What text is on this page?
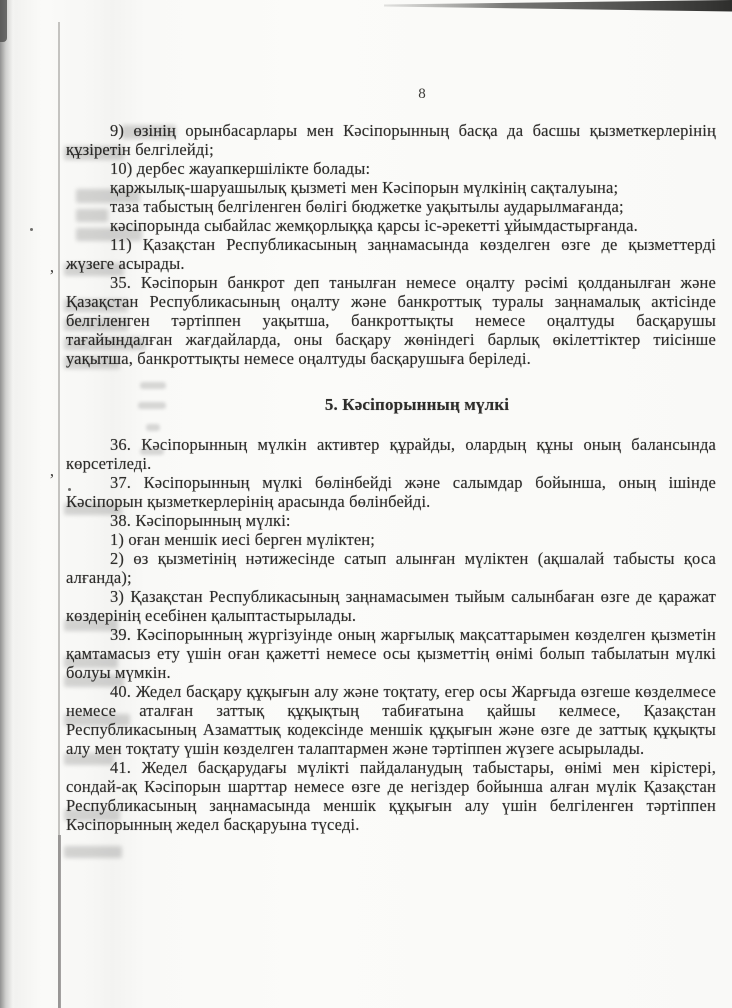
8

9) өзінің орынбасарлары мен Кәсіпорынның басқа да басшы қызметкерлерінің құзіретін белгілейді;

10) дербес жауапкершілікте болады:

қаржылық-шаруашылық қызметі мен Кәсіпорын мүлкінің сақталуына;

таза табыстың белгіленген бөлігі бюджетке уақытылы аударылмағанда;

кәсіпорында сыбайлас жемқорлыққа қарсы іс-әрекетті ұйымдастырғанда.

11) Қазақстан Республикасының заңнамасында көзделген өзге де қызметтерді жүзеге асырады.

35. Кәсіпорын банкрот деп танылған немесе оңалту рәсімі қолданылған және Қазақстан Республикасының оңалту және банкроттық туралы заңнамалық актісінде белгіленген тәртіппен уақытша, банкроттықты немесе оңалтуды басқарушы тағайындалған жағдайларда, оны басқару жөніндегі барлық өкілеттіктер тиісінше уақытша, банкроттықты немесе оңалтуды басқарушыға беріледі.

5. Кәсіпорынның мүлкі

36. Кәсіпорынның мүлкін активтер құрайды, олардың құны оның балансында көрсетіледі.

37. Кәсіпорынның мүлкі бөлінбейді және салымдар бойынша, оның ішінде Кәсіпорын қызметкерлерінің арасында бөлінбейді.

38. Кәсіпорынның мүлкі:

1) оған меншік иесі берген мүліктен;

2) өз қызметінің нәтижесінде сатып алынған мүліктен (ақшалай табысты қоса алғанда);

3) Қазақстан Республикасының заңнамасымен тыйым салынбаған өзге де қаражат көздерінің есебінен қалыптастырылады.

39. Кәсіпорынның жүргізуінде оның жарғылық мақсаттарымен көзделген қызметін қамтамасыз ету үшін оған қажетті немесе осы қызметтің өнімі болып табылатын мүлкі болуы мүмкін.

40. Жедел басқару құқығын алу және тоқтату, егер осы Жарғыда өзгеше көзделмесе немесе аталған заттық құқықтың табиғатына қайшы келмесе, Қазақстан Республикасының Азаматтық кодексінде меншік құқығын және өзге де заттық құқықты алу мен тоқтату үшін көзделген талаптармен және тәртіппен жүзеге асырылады.

41. Жедел басқарудағы мүлікті пайдаланудың табыстары, өнімі мен кірістері, сондай-ақ Кәсіпорын шарттар немесе өзге де негіздер бойынша алған мүлік Қазақстан Республикасының заңнамасында меншік құқығын алу үшін белгіленген тәртіппен Кәсіпорынның жедел басқаруына түседі.

‚
‚
